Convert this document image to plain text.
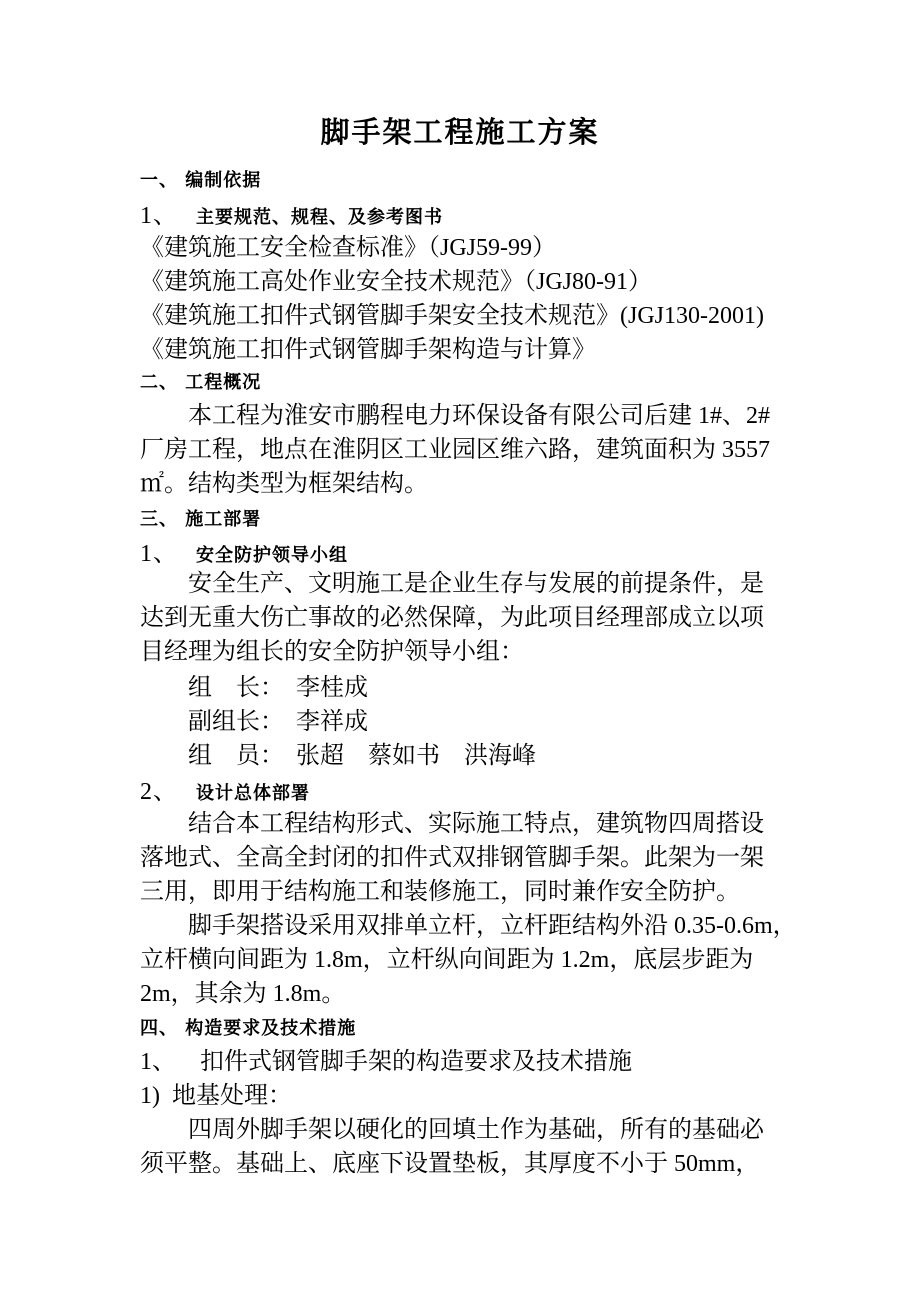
脚手架工程施工方案
一、 编制依据
1、 主要规范、规程、及参考图书
《建筑施工安全检查标准》（JGJ59-99）
《建筑施工高处作业安全技术规范》（JGJ80-91）
《建筑施工扣件式钢管脚手架安全技术规范》(JGJ130-2001)
《建筑施工扣件式钢管脚手架构造与计算》
二、 工程概况
本工程为淮安市鹏程电力环保设备有限公司后建 1#、2#
厂房工程，地点在淮阴区工业园区维六路，建筑面积为 3557
㎡。结构类型为框架结构。
三、 施工部署
1、 安全防护领导小组
安全生产、文明施工是企业生存与发展的前提条件，是
达到无重大伤亡事故的必然保障，为此项目经理部成立以项
目经理为组长的安全防护领导小组：
组    长：  李桂成
副组长：  李祥成
组    员：  张超    蔡如书    洪海峰
2、 设计总体部署
结合本工程结构形式、实际施工特点，建筑物四周搭设
落地式、全高全封闭的扣件式双排钢管脚手架。此架为一架
三用，即用于结构施工和装修施工，同时兼作安全防护。
脚手架搭设采用双排单立杆，立杆距结构外沿 0.35-0.6m，
立杆横向间距为 1.8m，立杆纵向间距为 1.2m，底层步距为
2m，其余为 1.8m。
四、 构造要求及技术措施
1、    扣件式钢管脚手架的构造要求及技术措施
1)  地基处理：
四周外脚手架以硬化的回填土作为基础，所有的基础必
须平整。基础上、底座下设置垫板，其厚度不小于 50mm，
